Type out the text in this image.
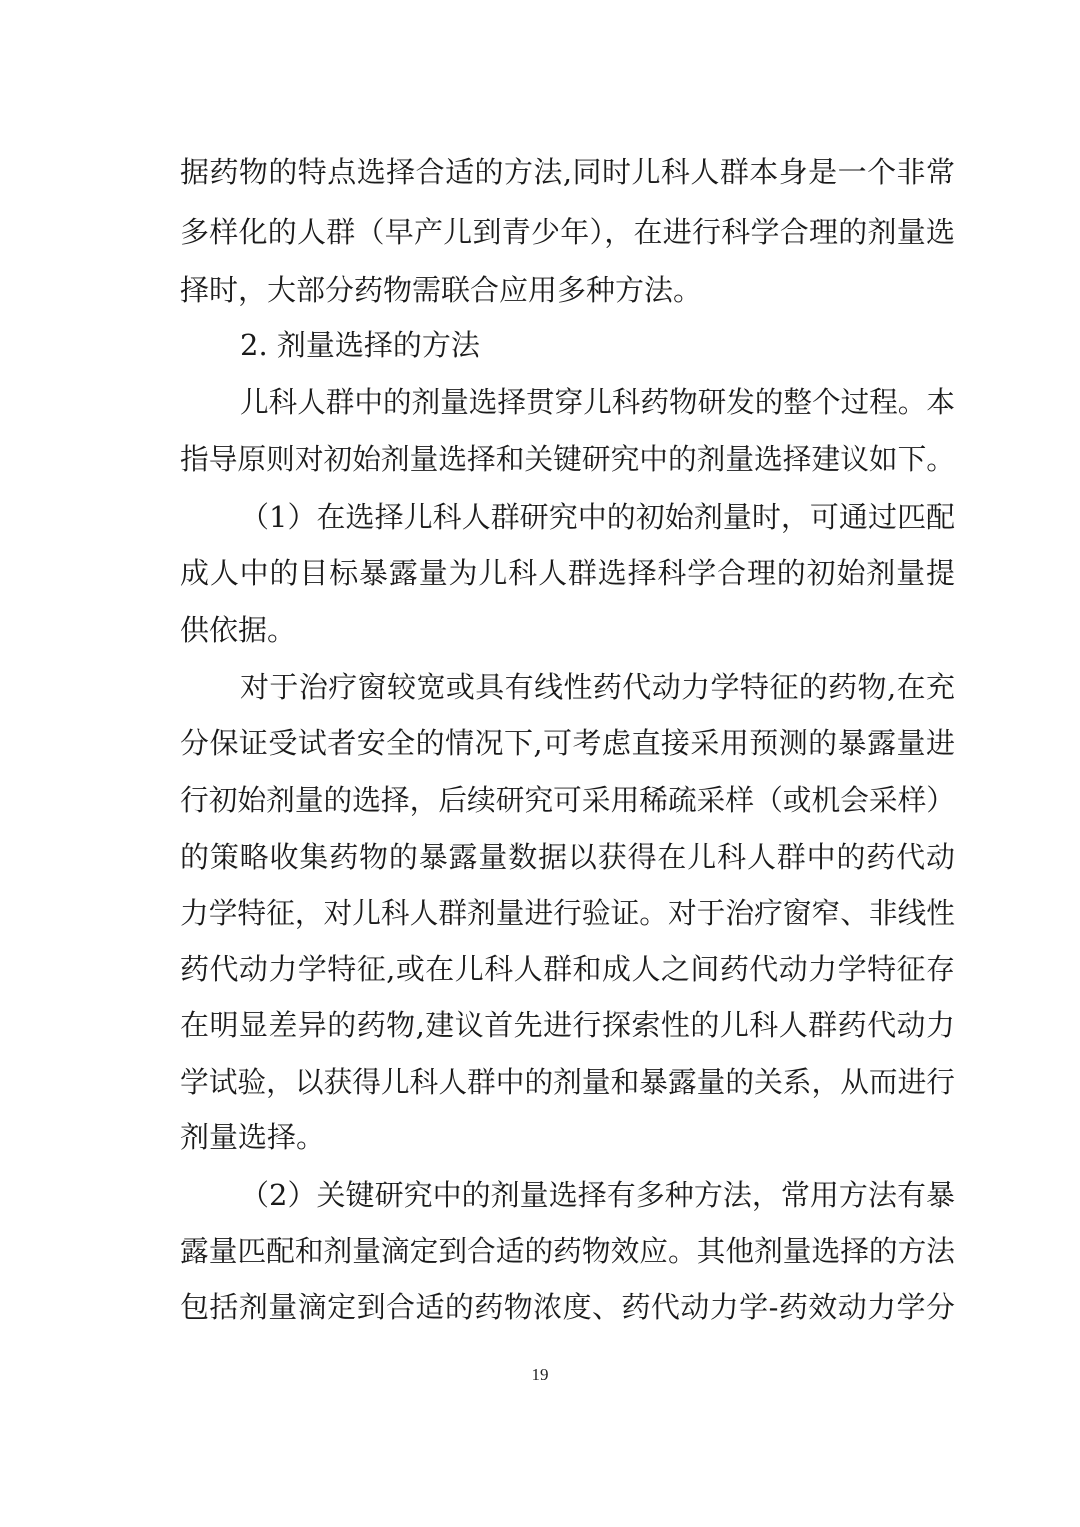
据药物的特点选择合适的方法,同时儿科人群本身是一个非常
多样化的人群（早产儿到青少年），在进行科学合理的剂量选
择时，大部分药物需联合应用多种方法。
2. 剂量选择的方法
儿科人群中的剂量选择贯穿儿科药物研发的整个过程。本
指导原则对初始剂量选择和关键研究中的剂量选择建议如下。
（1）在选择儿科人群研究中的初始剂量时，可通过匹配
成人中的目标暴露量为儿科人群选择科学合理的初始剂量提
供依据。
对于治疗窗较宽或具有线性药代动力学特征的药物,在充
分保证受试者安全的情况下,可考虑直接采用预测的暴露量进
行初始剂量的选择，后续研究可采用稀疏采样（或机会采样）
的策略收集药物的暴露量数据以获得在儿科人群中的药代动
力学特征，对儿科人群剂量进行验证。对于治疗窗窄、非线性
药代动力学特征,或在儿科人群和成人之间药代动力学特征存
在明显差异的药物,建议首先进行探索性的儿科人群药代动力
学试验，以获得儿科人群中的剂量和暴露量的关系，从而进行
剂量选择。
（2）关键研究中的剂量选择有多种方法，常用方法有暴
露量匹配和剂量滴定到合适的药物效应。其他剂量选择的方法
包括剂量滴定到合适的药物浓度、药代动力学-药效动力学分
19
